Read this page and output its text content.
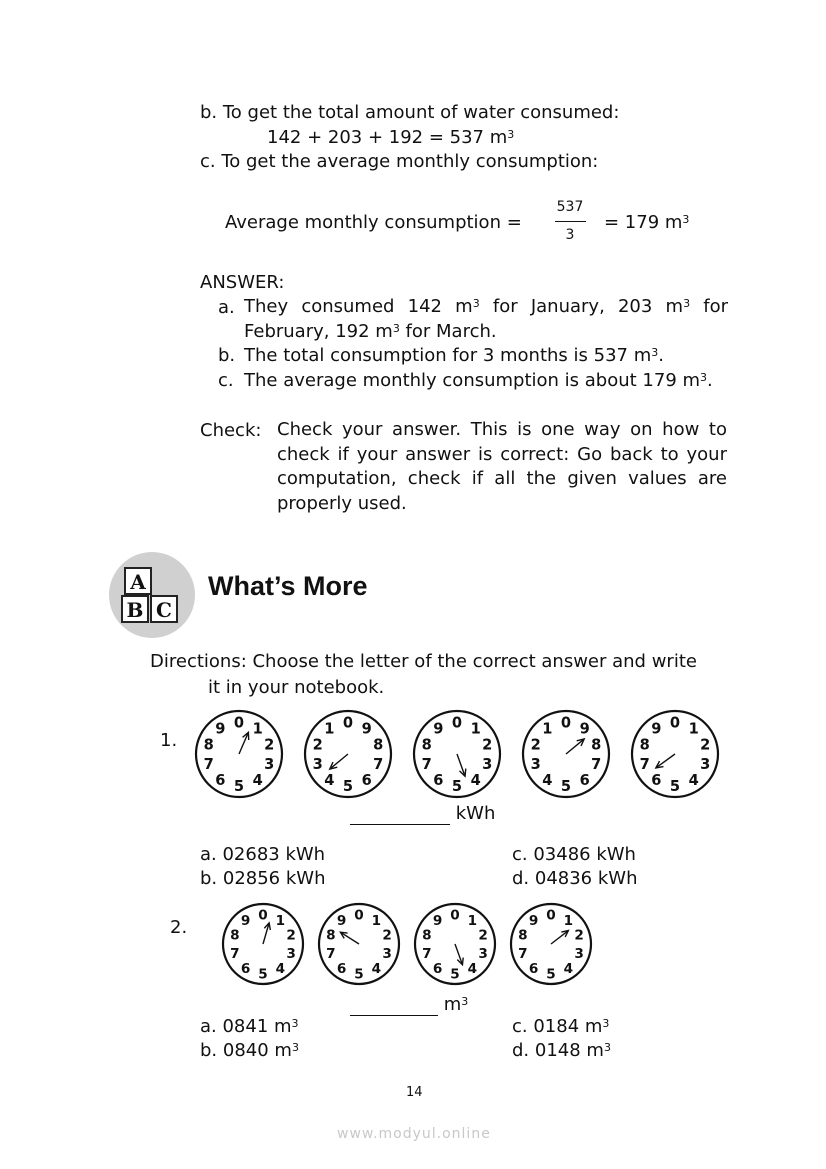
b. To get the total amount of water consumed:
142 + 203 + 192 = 537 $m^3$
c. To get the average monthly consumption:
Average monthly consumption =
537
3
= 179 $m^3$
ANSWER:
a. They consumed 142 $m^3$ for January, 203 $m^3$ for February, 192 $m^3$ for March.
b. The total consumption for 3 months is 537 $m^3$.
c. The average monthly consumption is about 179 $m^3$.
Check: Check your answer. This is one way on how to check if your answer is correct: Go back to your computation, check if all the given values are properly used.
A
B C
What’s More
Directions: Choose the letter of the correct answer and write
it in your notebook.
1.
0 1
2
3
4
5
6
7
8
9	0 9
8
7
6
5
4
3
2
1	0 1
2
3
4
5
6
7
8
9	0 9
8
7
6
5
4
3
2
1	0 1
2
3
4
5
6
7
8
9
kWh
a. 02683 kWh
b. 02856 kWh
c. 03486 kWh
d. 04836 kWh
2.
0 1
2
3
4
5
6
7
8
9	0 1
2
3
4
5
6
7
8
9	0 1
2
3
4
5
6
7
8
9	0 1
2
3
4
5
6
7
8
9
$m^3$
a. 0841 $m^3$
b. 0840 $m^3$
c. 0184 $m^3$
d. 0148 $m^3$
14
www.modyul.online
